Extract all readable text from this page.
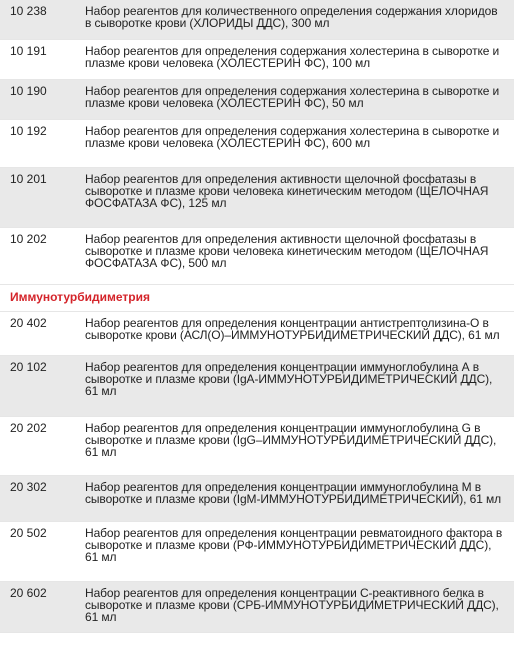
10 238	Набор реагентов для количественного определения содержания хлоридов в сыворотке крови (ХЛОРИДЫ ДДС), 300 мл
10 191	Набор реагентов для определения содержания холестерина в сыворотке и плазме крови человека (ХОЛЕСТЕРИН ФС), 100 мл
10 190	Набор реагентов для определения содержания холестерина в сыворотке и плазме крови человека (ХОЛЕСТЕРИН ФС), 50 мл
10 192	Набор реагентов для определения содержания холестерина в сыворотке и плазме крови человека (ХОЛЕСТЕРИН ФС), 600 мл
10 201	Набор реагентов для определения активности щелочной фосфатазы в сыворотке и плазме крови человека кинетическим методом (ЩЕЛОЧНАЯ ФОСФАТАЗА ФС), 125 мл
10 202	Набор реагентов для определения активности щелочной фосфатазы в сыворотке и плазме крови человека кинетическим методом (ЩЕЛОЧНАЯ ФОСФАТАЗА ФС), 500 мл
Иммунотурбидиметрия
20 402	Набор реагентов для определения концентрации антистрептолизина-О в сыворотке крови (АСЛ(О)–ИММУНОТУРБИДИМЕТРИЧЕСКИЙ ДДС), 61 мл
20 102	Набор реагентов для определения концентрации иммуноглобулина А в сыворотке и плазме крови (IgA-ИММУНОТУРБИДИМЕТРИЧЕСКИЙ ДДС), 61 мл
20 202	Набор реагентов для определения концентрации иммуноглобулина G в сыворотке и плазме крови (IgG–ИММУНОТУРБИДИМЕТРИЧЕСКИЙ ДДС), 61 мл
20 302	Набор реагентов для определения концентрации иммуноглобулина М в сыворотке и плазме крови (IgM-ИММУНОТУРБИДИМЕТРИЧЕСКИЙ), 61 мл
20 502	Набор реагентов для определения концентрации ревматоидного фактора в сыворотке и плазме крови (РФ-ИММУНОТУРБИДИМЕТРИЧЕСКИЙ ДДС), 61 мл
20 602	Набор реагентов для определения концентрации С-реактивного белка в сыворотке и плазме крови (СРБ-ИММУНОТУРБИДИМЕТРИЧЕСКИЙ ДДС), 61 мл
